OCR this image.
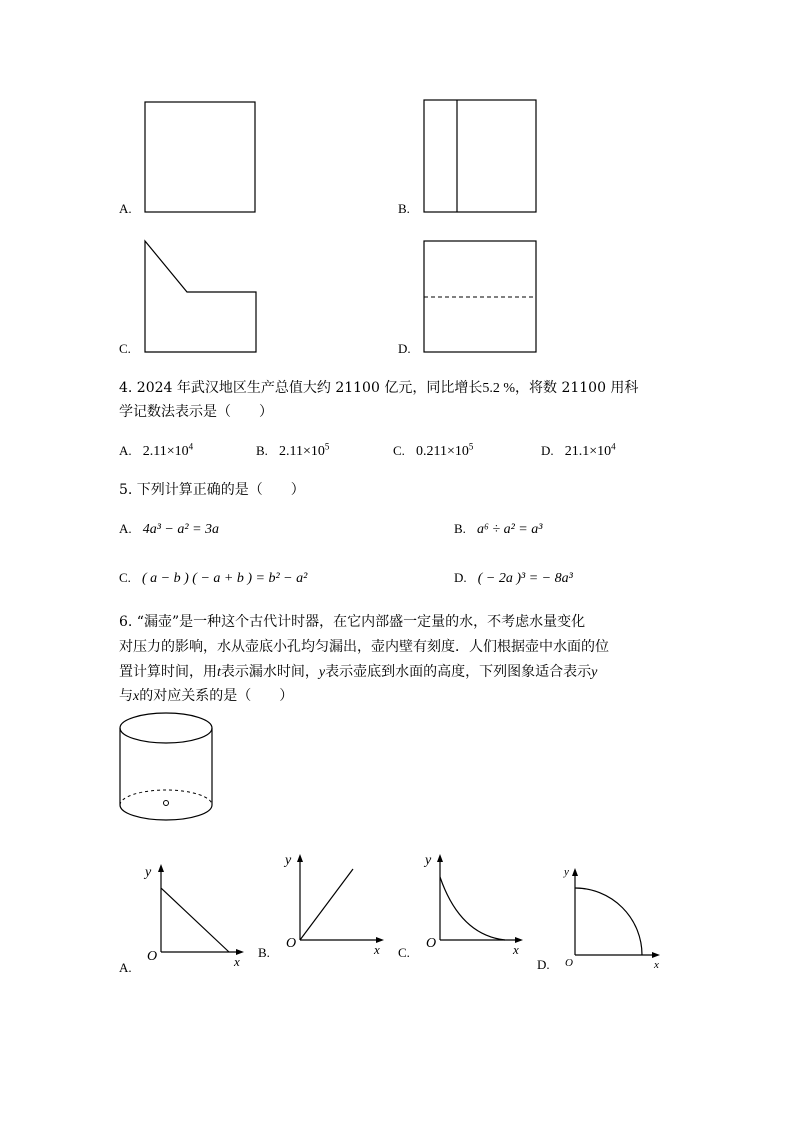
A.	B.
C.	D.
4. 2024 年武汉地区生产总值大约 21100 亿元，同比增长5.2 %，将数 21100 用科
学记数法表示是（　　）
A. $2.11\times 10^4$	B. $2.11\times 10^5$	C. $0.211\times 10^5$	D. $21.1\times 10^4$
5. 下列计算正确的是（　　）
A. 4a³ − a² = 3a	B. a⁶ ÷ a² = a³
C. ( a − b ) ( − a + b ) = b² − a²	D. ( − 2a )³ = − 8a³
6. “漏壶”是一种这个古代计时器，在它内部盛一定量的水，不考虑水量变化
对压力的影响，水从壶底小孔均匀漏出，壶内壁有刻度．人们根据壶中水面的位
置计算时间，用t表示漏水时间，y表示壶底到水面的高度，下列图象适合表示y
与x的对应关系的是（　　）
y
x
O
A.
y
x
O
B.
y
x
O
C.
y
x
O
D.
